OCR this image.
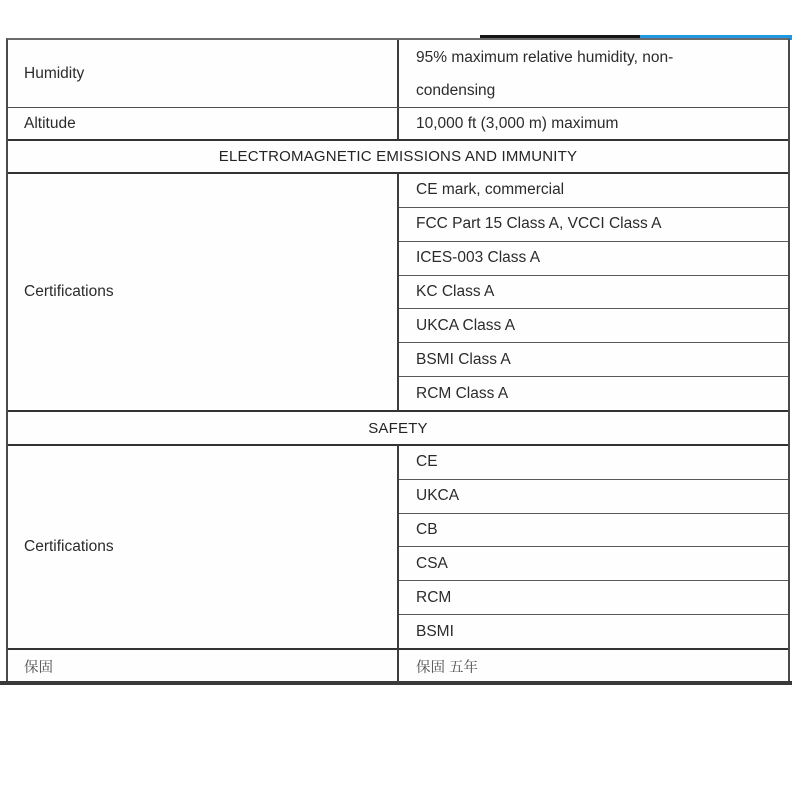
Humidity
95% maximum relative humidity, non-
condensing
Altitude	10,000 ft (3,000 m) maximum
ELECTROMAGNETIC EMISSIONS AND IMMUNITY
Certifications
CE mark, commercial
FCC Part 15 Class A, VCCI Class A
ICES-003 Class A
KC Class A
UKCA Class A
BSMI Class A
RCM Class A
SAFETY
Certifications
CE
UKCA
CB
CSA
RCM
BSMI
保固	保固 五年
